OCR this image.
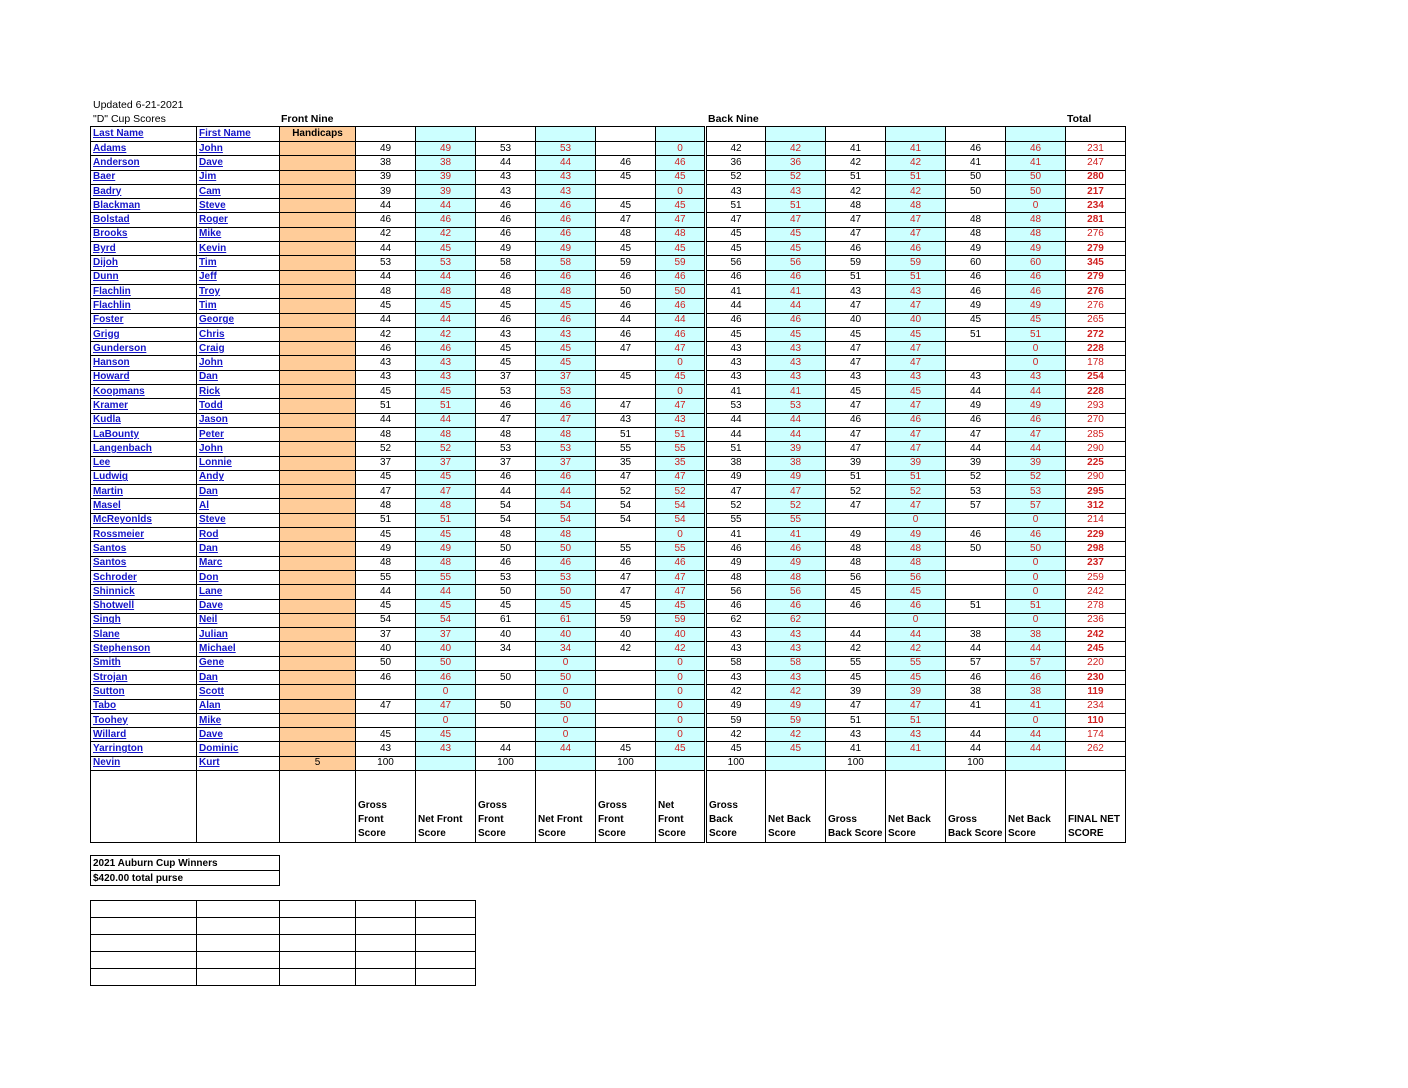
Updated 6-21-2021
"D" Cup Scores	Front Nine	Back Nine	Total
Last Name	First Name	Handicaps													
Adams	John		49	49	53	53		0	42	42	41	41	46	46	231
Anderson	Dave		38	38	44	44	46	46	36	36	42	42	41	41	247
Baer	Jim		39	39	43	43	45	45	52	52	51	51	50	50	280
Badry	Cam		39	39	43	43		0	43	43	42	42	50	50	217
Blackman	Steve		44	44	46	46	45	45	51	51	48	48		0	234
Bolstad	Roger		46	46	46	46	47	47	47	47	47	47	48	48	281
Brooks	Mike		42	42	46	46	48	48	45	45	47	47	48	48	276
Byrd	Kevin		44	45	49	49	45	45	45	45	46	46	49	49	279
Dijoh	Tim		53	53	58	58	59	59	56	56	59	59	60	60	345
Dunn	Jeff		44	44	46	46	46	46	46	46	51	51	46	46	279
Flachlin	Troy		48	48	48	48	50	50	41	41	43	43	46	46	276
Flachlin	Tim		45	45	45	45	46	46	44	44	47	47	49	49	276
Foster	George		44	44	46	46	44	44	46	46	40	40	45	45	265
Grigg	Chris		42	42	43	43	46	46	45	45	45	45	51	51	272
Gunderson	Craig		46	46	45	45	47	47	43	43	47	47		0	228
Hanson	John		43	43	45	45		0	43	43	47	47		0	178
Howard	Dan		43	43	37	37	45	45	43	43	43	43	43	43	254
Koopmans	Rick		45	45	53	53		0	41	41	45	45	44	44	228
Kramer	Todd		51	51	46	46	47	47	53	53	47	47	49	49	293
Kudla	Jason		44	44	47	47	43	43	44	44	46	46	46	46	270
LaBounty	Peter		48	48	48	48	51	51	44	44	47	47	47	47	285
Langenbach	John		52	52	53	53	55	55	51	39	47	47	44	44	290
Lee	Lonnie		37	37	37	37	35	35	38	38	39	39	39	39	225
Ludwig	Andy		45	45	46	46	47	47	49	49	51	51	52	52	290
Martin	Dan		47	47	44	44	52	52	47	47	52	52	53	53	295
Masel	Al		48	48	54	54	54	54	52	52	47	47	57	57	312
McReyonlds	Steve		51	51	54	54	54	54	55	55		0		0	214
Rossmeier	Rod		45	45	48	48		0	41	41	49	49	46	46	229
Santos	Dan		49	49	50	50	55	55	46	46	48	48	50	50	298
Santos	Marc		48	48	46	46	46	46	49	49	48	48		0	237
Schroder	Don		55	55	53	53	47	47	48	48	56	56		0	259
Shinnick	Lane		44	44	50	50	47	47	56	56	45	45		0	242
Shotwell	Dave		45	45	45	45	45	45	46	46	46	46	51	51	278
Singh	Neil		54	54	61	61	59	59	62	62		0		0	236
Slane	Julian		37	37	40	40	40	40	43	43	44	44	38	38	242
Stephenson	Michael		40	40	34	34	42	42	43	43	42	42	44	44	245
Smith	Gene		50	50		0		0	58	58	55	55	57	57	220
Strojan	Dan		46	46	50	50		0	43	43	45	45	46	46	230
Sutton	Scott			0		0		0	42	42	39	39	38	38	119
Tabo	Alan		47	47	50	50		0	49	49	47	47	41	41	234
Toohey	Mike			0		0		0	59	59	51	51		0	110
Willard	Dave		45	45		0		0	42	42	43	43	44	44	174
Yarrington	Dominic		43	43	44	44	45	45	45	45	41	41	44	44	262
Nevin	Kurt	5	100		100		100		100		100		100		
			Gross Front Score	Net Front Score	Gross Front Score	Net Front Score	Gross Front Score	Net Front Score	Gross Back Score	Net Back Score	Gross Back Score	Net Back Score	Gross Back Score	Net Back Score	FINAL NET SCORE
2021 Auburn Cup Winners
$420.00 total purse
